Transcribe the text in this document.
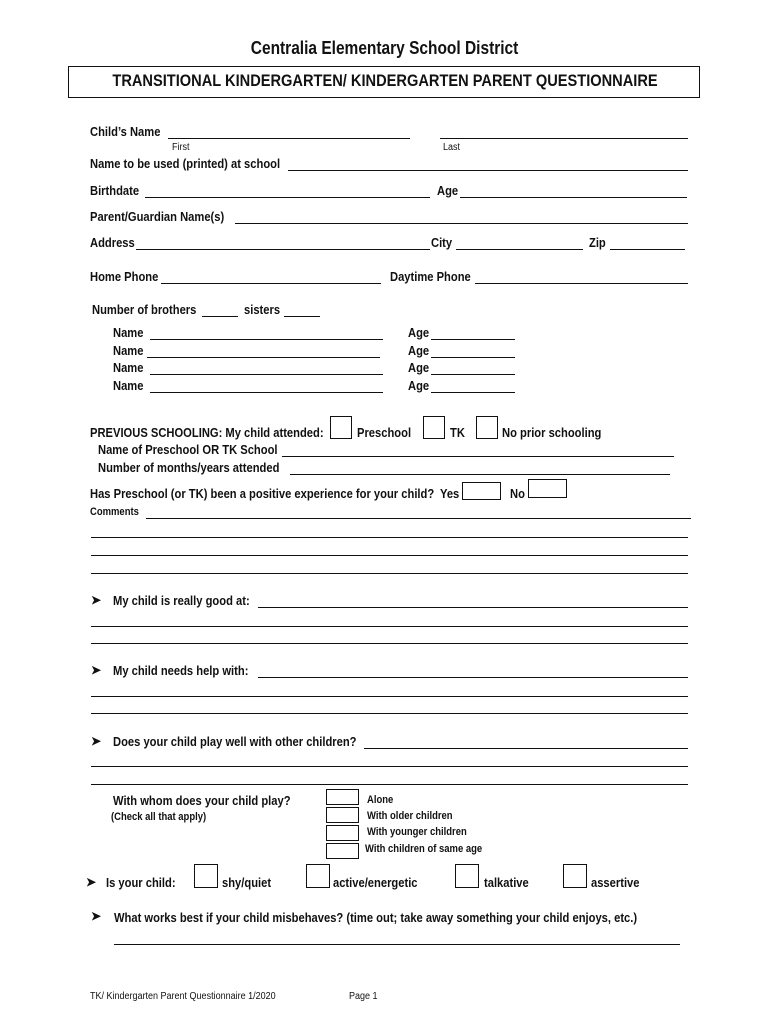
Centralia Elementary School District
TRANSITIONAL KINDERGARTEN/ KINDERGARTEN PARENT QUESTIONNAIRE
Child’s Name
First	Last
Name to be used (printed) at school
Birthdate	Age
Parent/Guardian Name(s)
Address	City	Zip
Home Phone	Daytime Phone
Number of brothers	sisters
Name	Age
Name	Age
Name	Age
Name	Age
PREVIOUS SCHOOLING: My child attended:	Preschool	TK	No prior schooling
Name of Preschool OR TK School
Number of months/years attended
Has Preschool (or TK) been a positive experience for your child? Yes	No
Comments
➤ My child is really good at:
➤ My child needs help with:
➤ Does your child play well with other children?
With whom does your child play?
(Check all that apply)
Alone
With older children
With younger children
With children of same age
➤ Is your child:	shy/quiet	active/energetic	talkative	assertive
➤ What works best if your child misbehaves? (time out; take away something your child enjoys, etc.)
TK/ Kindergarten Parent Questionnaire 1/2020	Page 1
